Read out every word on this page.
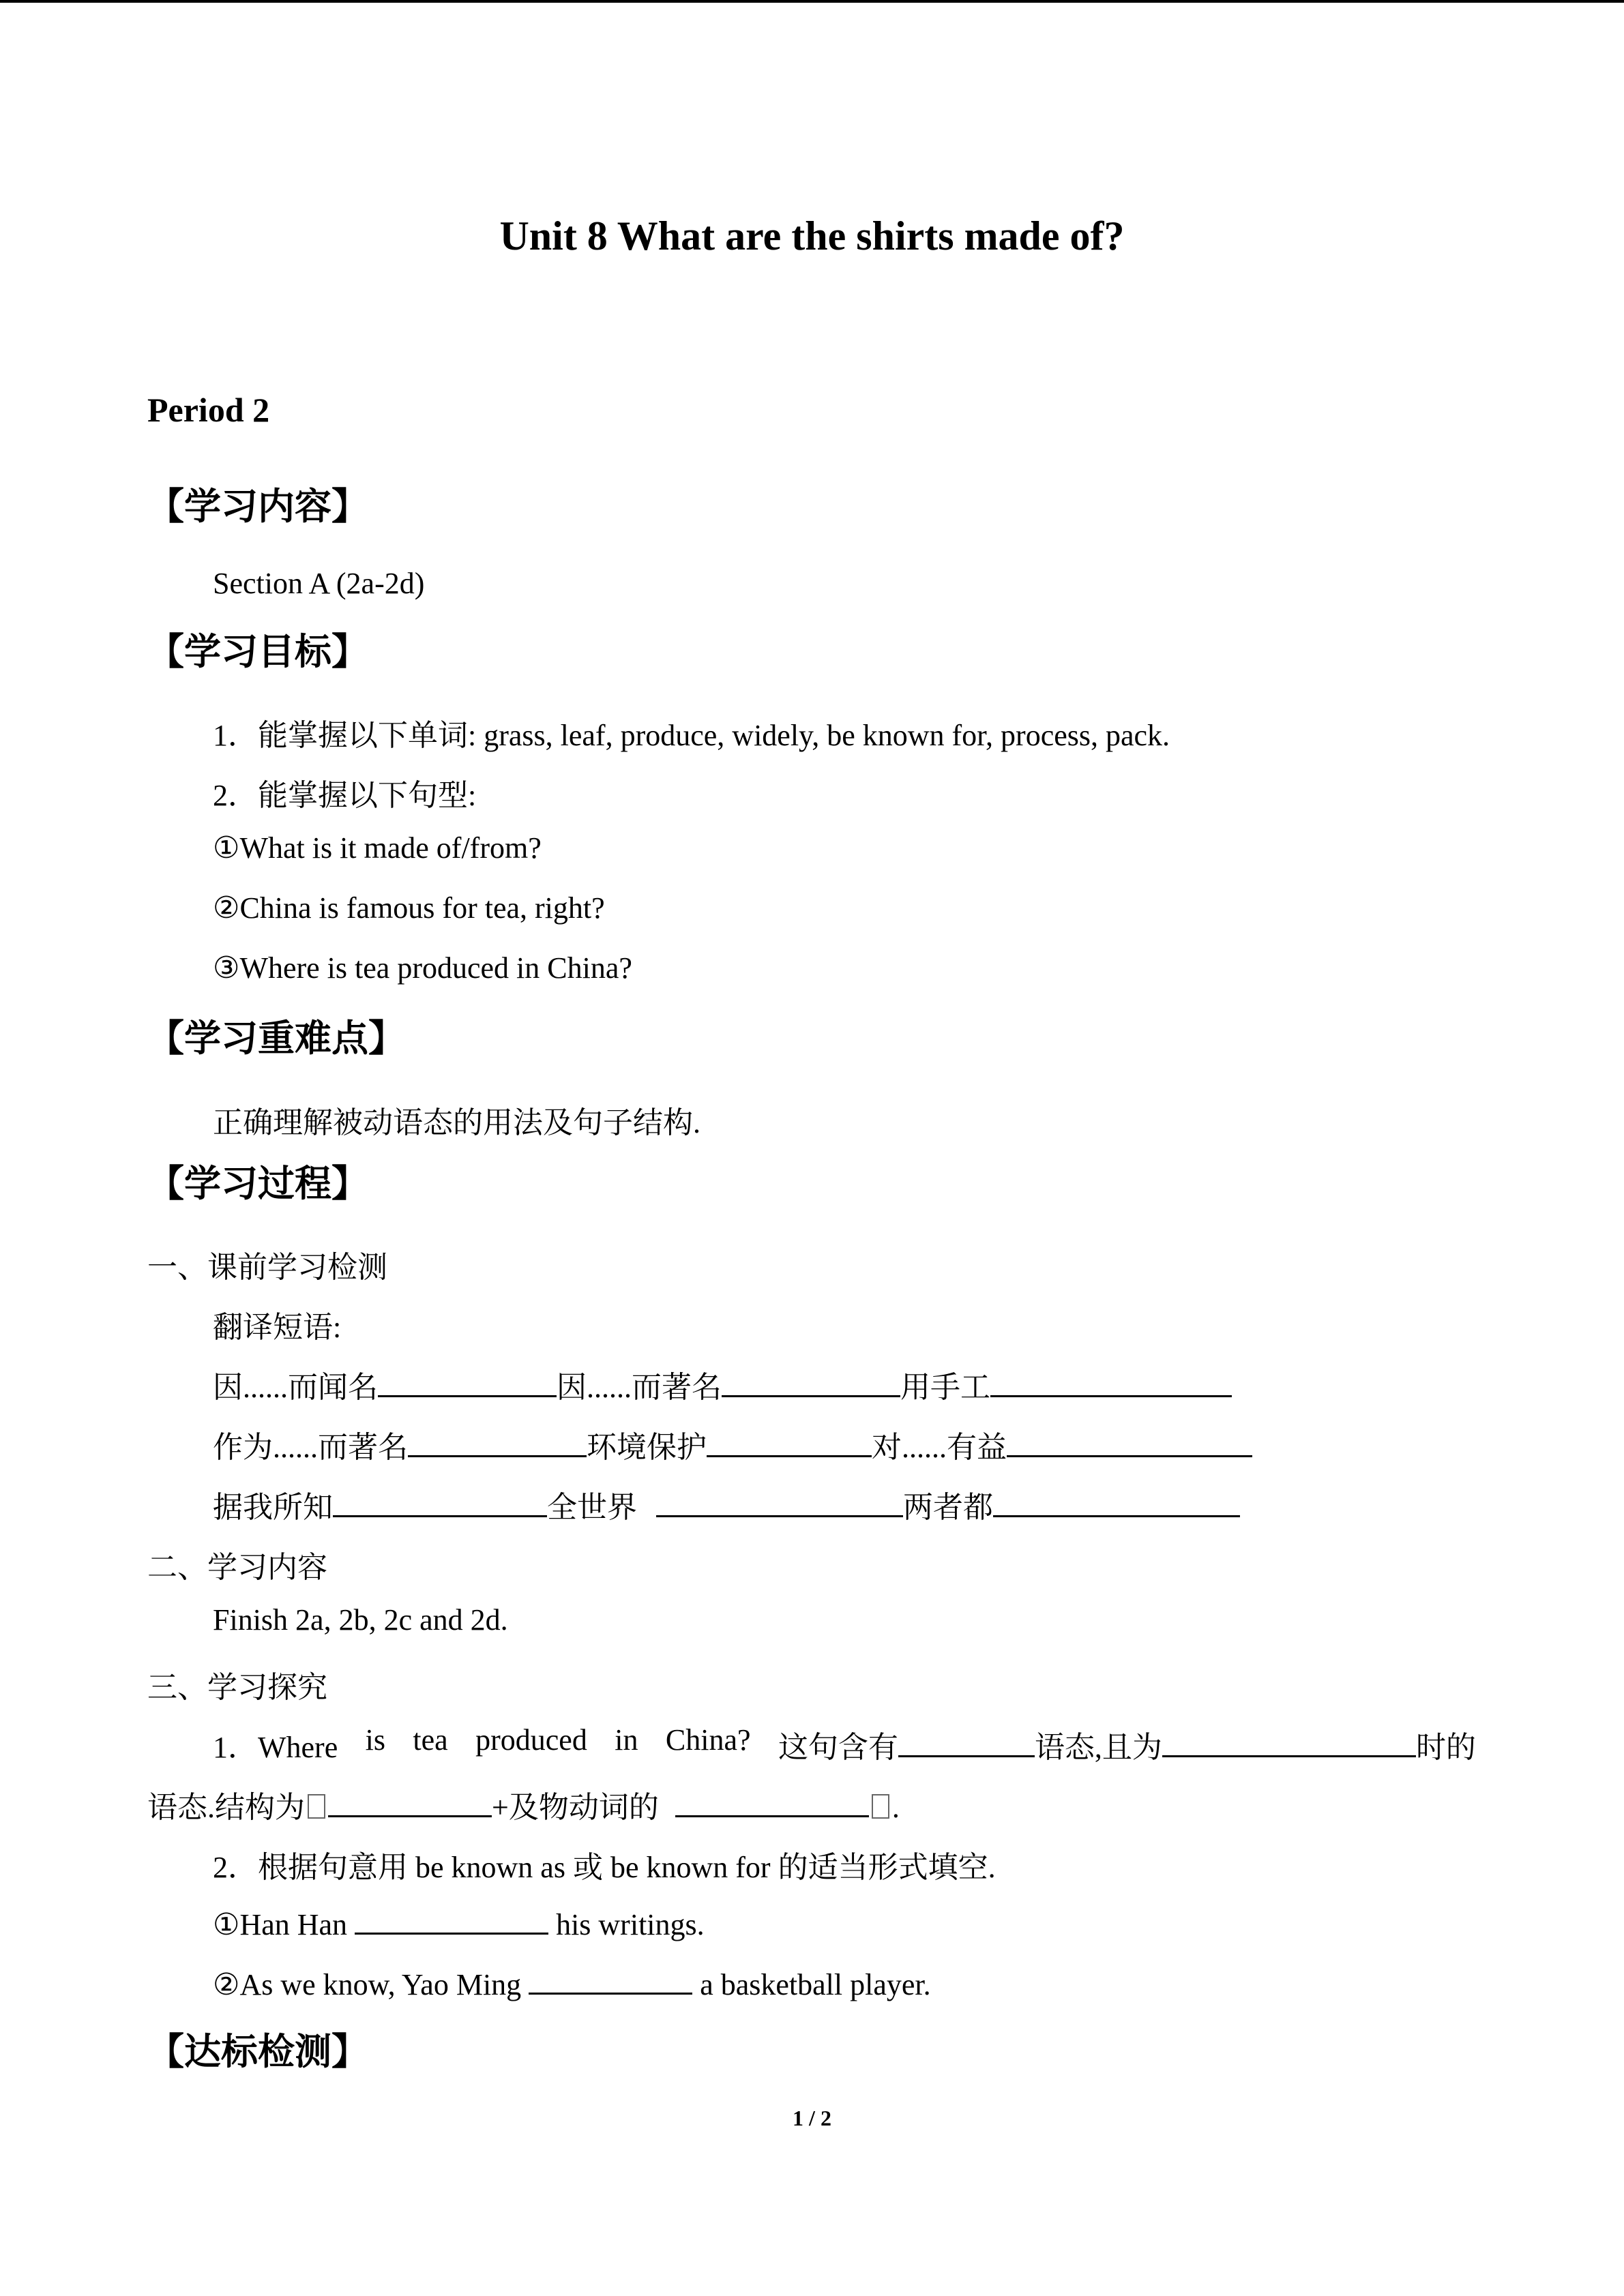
Unit 8 What are the shirts made of?
Period 2
【学习内容】
Section A (2a-2d)
【学习目标】
1．能掌握以下单词: grass, leaf, produce, widely, be known for, process, pack.
2．能掌握以下句型:
①What is it made of/from?
②China is famous for tea, right?
③Where is tea produced in China?
【学习重难点】
正确理解被动语态的用法及句子结构.
【学习过程】
一、课前学习检测
翻译短语:
因......而闻名	因......而著名	用手工
作为......而著名	环境保护	对......有益
据我所知	全世界	两者都
二、学习内容
Finish 2a, 2b, 2c and 2d.
三、学习探究
1．Where is tea produced in China? 这句含有	语态,且为	时的
语态.结构为	+及物动词的	.
2．根据句意用 be known as 或 be known for 的适当形式填空.
①Han Han	his writings.
②As we know, Yao Ming	a basketball player.
【达标检测】
1 / 2
